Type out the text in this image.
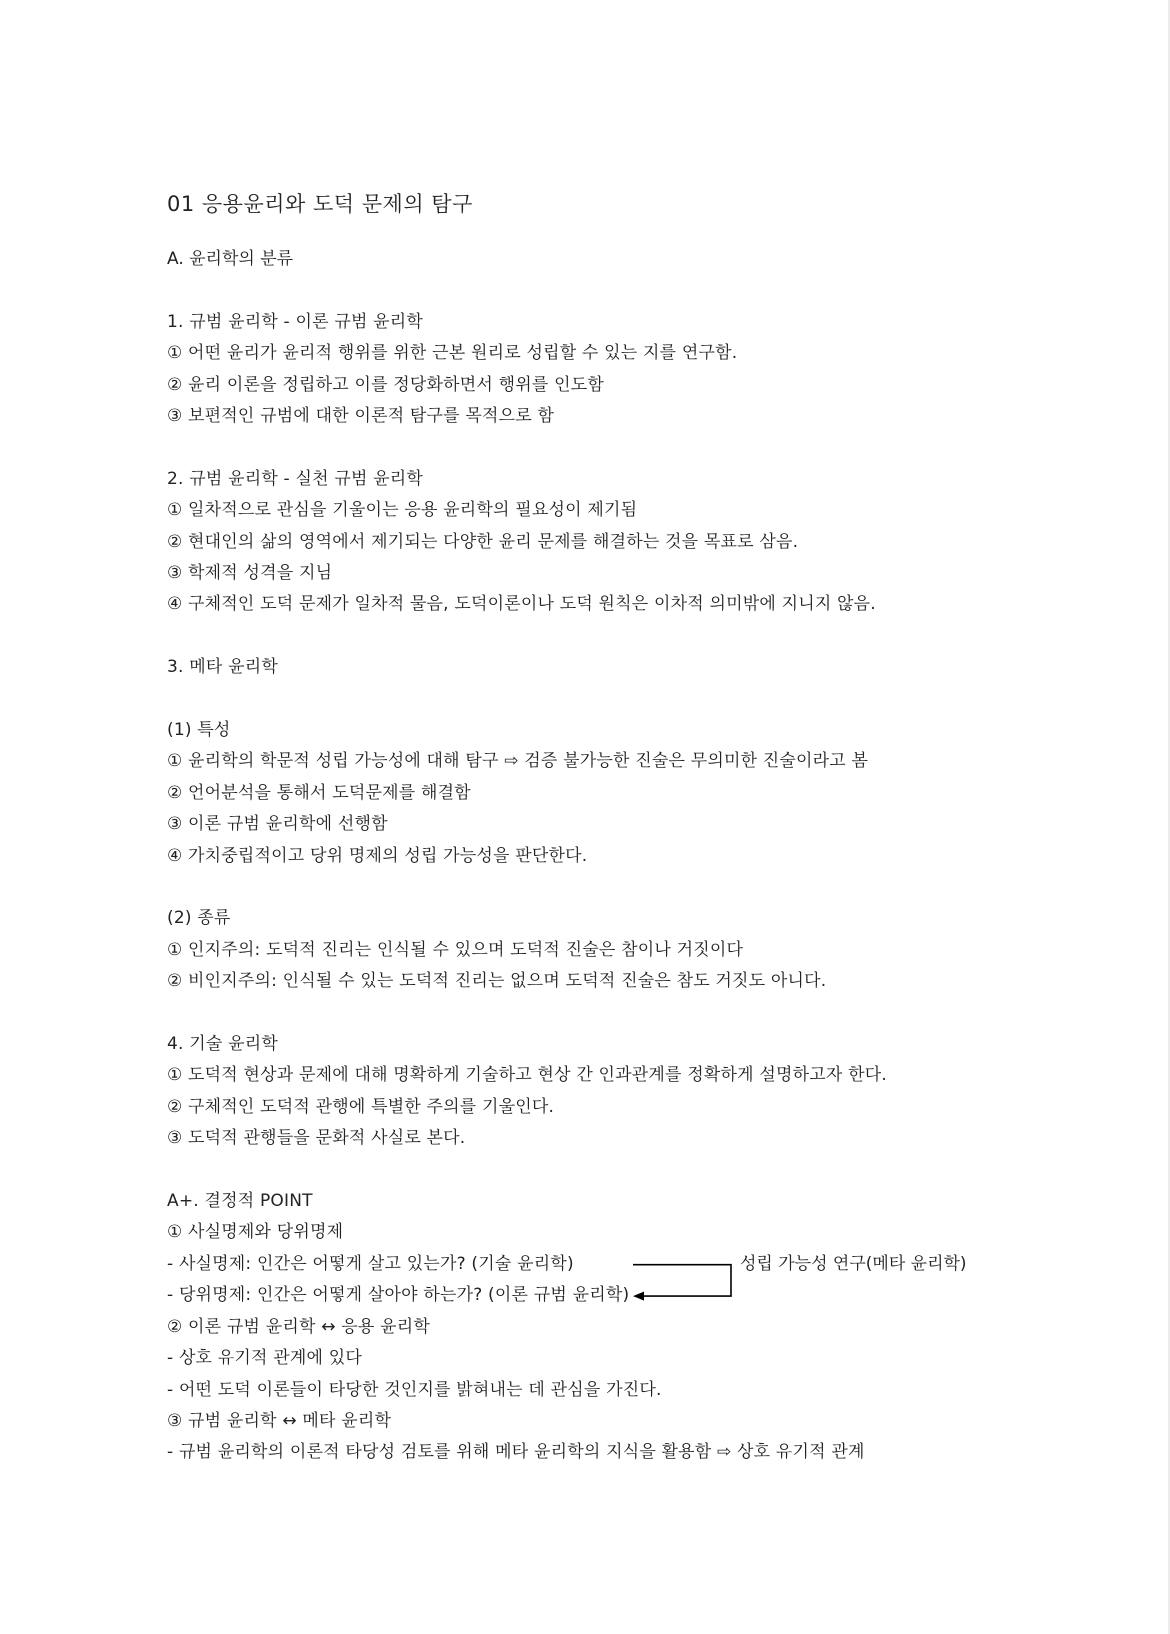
01 응용윤리와 도덕 문제의 탐구
A. 윤리학의 분류
1. 규범 윤리학 - 이론 규범 윤리학
① 어떤 윤리가 윤리적 행위를 위한 근본 원리로 성립할 수 있는 지를 연구함.
② 윤리 이론을 정립하고 이를 정당화하면서 행위를 인도함
③ 보편적인 규범에 대한 이론적 탐구를 목적으로 함
2. 규범 윤리학 - 실천 규범 윤리학
① 일차적으로 관심을 기울이는 응용 윤리학의 필요성이 제기됨
② 현대인의 삶의 영역에서 제기되는 다양한 윤리 문제를 해결하는 것을 목표로 삼음.
③ 학제적 성격을 지님
④ 구체적인 도덕 문제가 일차적 물음, 도덕이론이나 도덕 원칙은 이차적 의미밖에 지니지 않음.
3. 메타 윤리학
(1) 특성
① 윤리학의 학문적 성립 가능성에 대해 탐구 ⇨ 검증 불가능한 진술은 무의미한 진술이라고 봄
② 언어분석을 통해서 도덕문제를 해결함
③ 이론 규범 윤리학에 선행함
④ 가치중립적이고 당위 명제의 성립 가능성을 판단한다.
(2) 종류
① 인지주의: 도덕적 진리는 인식될 수 있으며 도덕적 진술은 참이나 거짓이다
② 비인지주의: 인식될 수 있는 도덕적 진리는 없으며 도덕적 진술은 참도 거짓도 아니다.
4. 기술 윤리학
① 도덕적 현상과 문제에 대해 명확하게 기술하고 현상 간 인과관계를 정확하게 설명하고자 한다.
② 구체적인 도덕적 관행에 특별한 주의를 기울인다.
③ 도덕적 관행들을 문화적 사실로 본다.
A+. 결정적 POINT
① 사실명제와 당위명제
- 사실명제: 인간은 어떻게 살고 있는가? (기술 윤리학)
- 당위명제: 인간은 어떻게 살아야 하는가? (이론 규범 윤리학)
성립 가능성 연구(메타 윤리학)
② 이론 규범 윤리학 ↔ 응용 윤리학
- 상호 유기적 관계에 있다
- 어떤 도덕 이론들이 타당한 것인지를 밝혀내는 데 관심을 가진다.
③ 규범 윤리학 ↔ 메타 윤리학
- 규범 윤리학의 이론적 타당성 검토를 위해 메타 윤리학의 지식을 활용함 ⇨ 상호 유기적 관계
